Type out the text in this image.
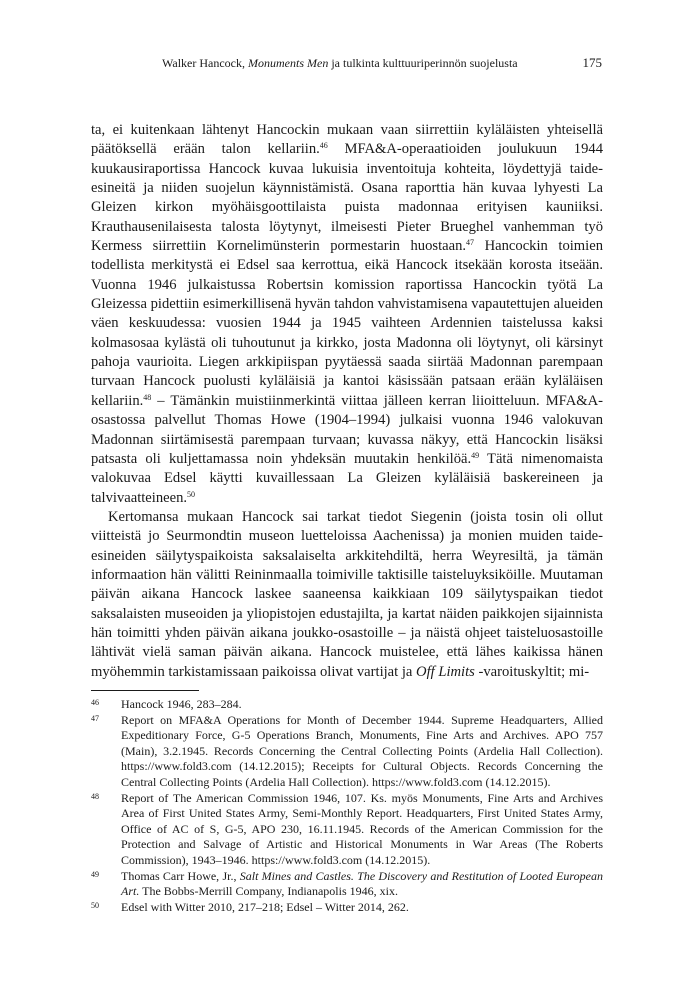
Walker Hancock, Monuments Men ja tulkinta kulttuuriperinnön suojelusta	175

ta, ei kuitenkaan lähtenyt Hancockin mukaan vaan siirrettiin kyläläisten yhteisellä päätöksellä erään talon kellariin.$^{46}$ MFA&A-operaatioiden joulukuun 1944 kuukausiraportissa Hancock kuvaa lukuisia inventoituja kohteita, löydettyjä taide-esineitä ja niiden suojelun käynnistämistä. Osana raporttia hän kuvaa lyhyesti La Gleizen kirkon myöhäisgoottilaista puista madonnaa erityisen kauniiksi. Krauthausenilaisesta talosta löytynyt, ilmeisesti Pieter Brueghel vanhemman työ Kermess siirrettiin Kornelimünsterin pormestarin huostaan.$^{47}$ Hancockin toimien todellista merkitystä ei Edsel saa kerrottua, eikä Hancock itsekään korosta itseään. Vuonna 1946 julkaistussa Robertsin komission raportissa Hancockin työtä La Gleizessa pidettiin esimerkillisenä hyvän tahdon vahvistamisena vapautettujen alueiden väen keskuudessa: vuosien 1944 ja 1945 vaihteen Ardennien taistelussa kaksi kolmasosaa kylästä oli tuhoutunut ja kirkko, josta Madonna oli löytynyt, oli kärsinyt pahoja vaurioita. Liegen arkkipiispan pyytäessä saada siirtää Madonnan parempaan turvaan Hancock puolusti kyläläisiä ja kantoi käsissään patsaan erään kyläläisen kellariin.$^{48}$ – Tämänkin muistiinmerkintä viittaa jälleen kerran liioitteluun. MFA&A-osastossa palvellut Thomas Howe (1904–1994) julkaisi vuonna 1946 valokuvan Madonnan siirtämisestä parempaan turvaan; kuvassa näkyy, että Hancockin lisäksi patsasta oli kuljettamassa noin yhdeksän muutakin henkilöä.$^{49}$ Tätä nimenomaista valokuvaa Edsel käytti kuvaillessaan La Gleizen kyläläisiä baskereineen ja talvivaatteineen.$^{50}$

Kertomansa mukaan Hancock sai tarkat tiedot Siegenin (joista tosin oli ollut viitteistä jo Seurmondtin museon luetteloissa Aachenissa) ja monien muiden taide-esineiden säilytyspaikoista saksalaiselta arkkitehdiltä, herra Weyresiltä, ja tämän informaation hän välitti Reininmaalla toimiville taktisille taisteluyksiköille. Muutaman päivän aikana Hancock laskee saaneensa kaikkiaan 109 säilytyspaikan tiedot saksalaisten museoiden ja yliopistojen edustajilta, ja kartat näiden paikkojen sijainnista hän toimitti yhden päivän aikana joukko-osastoille – ja näistä ohjeet taisteluosastoille lähtivät vielä saman päivän aikana. Hancock muistelee, että lähes kaikissa hänen myöhemmin tarkistamissaan paikoissa olivat vartijat ja Off Limits -varoituskyltit; mi-

46 Hancock 1946, 283–284.

47 Report on MFA&A Operations for Month of December 1944. Supreme Headquarters, Allied Expeditionary Force, G-5 Operations Branch, Monuments, Fine Arts and Archives. APO 757 (Main), 3.2.1945. Records Concerning the Central Collecting Points (Ardelia Hall Collection). https://www.fold3.com (14.12.2015); Receipts for Cultural Objects. Records Concerning the Central Collecting Points (Ardelia Hall Collection). https://www.fold3.com (14.12.2015).

48 Report of The American Commission 1946, 107. Ks. myös Monuments, Fine Arts and Archives Area of First United States Army, Semi-Monthly Report. Headquarters, First United States Army, Office of AC of S, G-5, APO 230, 16.11.1945. Records of the American Commission for the Protection and Salvage of Artistic and Historical Monuments in War Areas (The Roberts Commission), 1943–1946. https://www.fold3.com (14.12.2015).

49 Thomas Carr Howe, Jr., Salt Mines and Castles. The Discovery and Restitution of Looted European Art. The Bobbs-Merrill Company, Indianapolis 1946, xix.

50 Edsel with Witter 2010, 217–218; Edsel – Witter 2014, 262.
